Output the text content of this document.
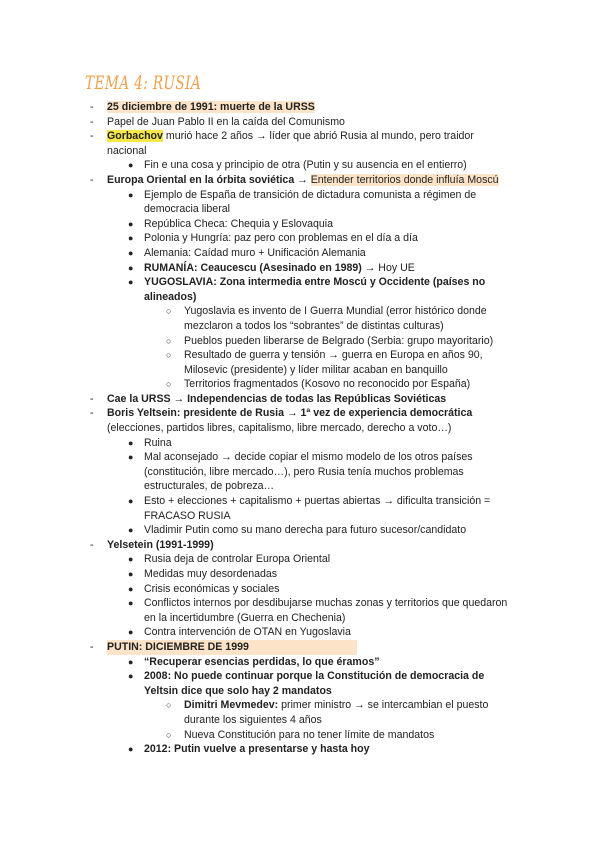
TEMA 4: RUSIA
- 25 diciembre de 1991: muerte de la URSS
- Papel de Juan Pablo II en la caída del Comunismo
- Gorbachov murió hace 2 años → líder que abrió Rusia al mundo, pero traidor
nacional
● Fin e una cosa y principio de otra (Putin y su ausencia en el entierro)
- Europa Oriental en la órbita soviética → Entender territorios donde influía Moscú
● Ejemplo de España de transición de dictadura comunista a régimen de
democracia liberal
● República Checa: Chequia y Eslovaquia
● Polonia y Hungría: paz pero con problemas en el día a día
● Alemania: Caídad muro + Unificación Alemania
● RUMANÍA: Ceaucescu (Asesinado en 1989) → Hoy UE
● YUGOSLAVIA: Zona intermedia entre Moscú y Occidente (países no
alineados)
○ Yugoslavia es invento de I Guerra Mundial (error histórico donde
mezclaron a todos los “sobrantes” de distintas culturas)
○ Pueblos pueden liberarse de Belgrado (Serbia: grupo mayoritario)
○ Resultado de guerra y tensión → guerra en Europa en años 90,
Milosevic (presidente) y líder militar acaban en banquillo
○ Territorios fragmentados (Kosovo no reconocido por España)
- Cae la URSS → Independencias de todas las Repúblicas Soviéticas
- Boris Yeltsein: presidente de Rusia → 1ª vez de experiencia democrática
(elecciones, partidos libres, capitalismo, libre mercado, derecho a voto…)
● Ruina
● Mal aconsejado → decide copiar el mismo modelo de los otros países
(constitución, libre mercado…), pero Rusia tenía muchos problemas
estructurales, de pobreza…
● Esto + elecciones + capitalismo + puertas abiertas → dificulta transición =
FRACASO RUSIA
● Vladimir Putin como su mano derecha para futuro sucesor/candidato
- Yelsetein (1991-1999)
● Rusia deja de controlar Europa Oriental
● Medidas muy desordenadas
● Crisis económicas y sociales
● Conflictos internos por desdibujarse muchas zonas y territorios que quedaron
en la incertidumbre (Guerra en Chechenia)
● Contra intervención de OTAN en Yugoslavia
- PUTIN: DICIEMBRE DE 1999
● “Recuperar esencias perdidas, lo que éramos”
● 2008: No puede continuar porque la Constitución de democracia de
Yeltsin dice que solo hay 2 mandatos
○ Dimitri Mevmedev: primer ministro → se intercambian el puesto
durante los siguientes 4 años
○ Nueva Constitución para no tener límite de mandatos
● 2012: Putin vuelve a presentarse y hasta hoy
